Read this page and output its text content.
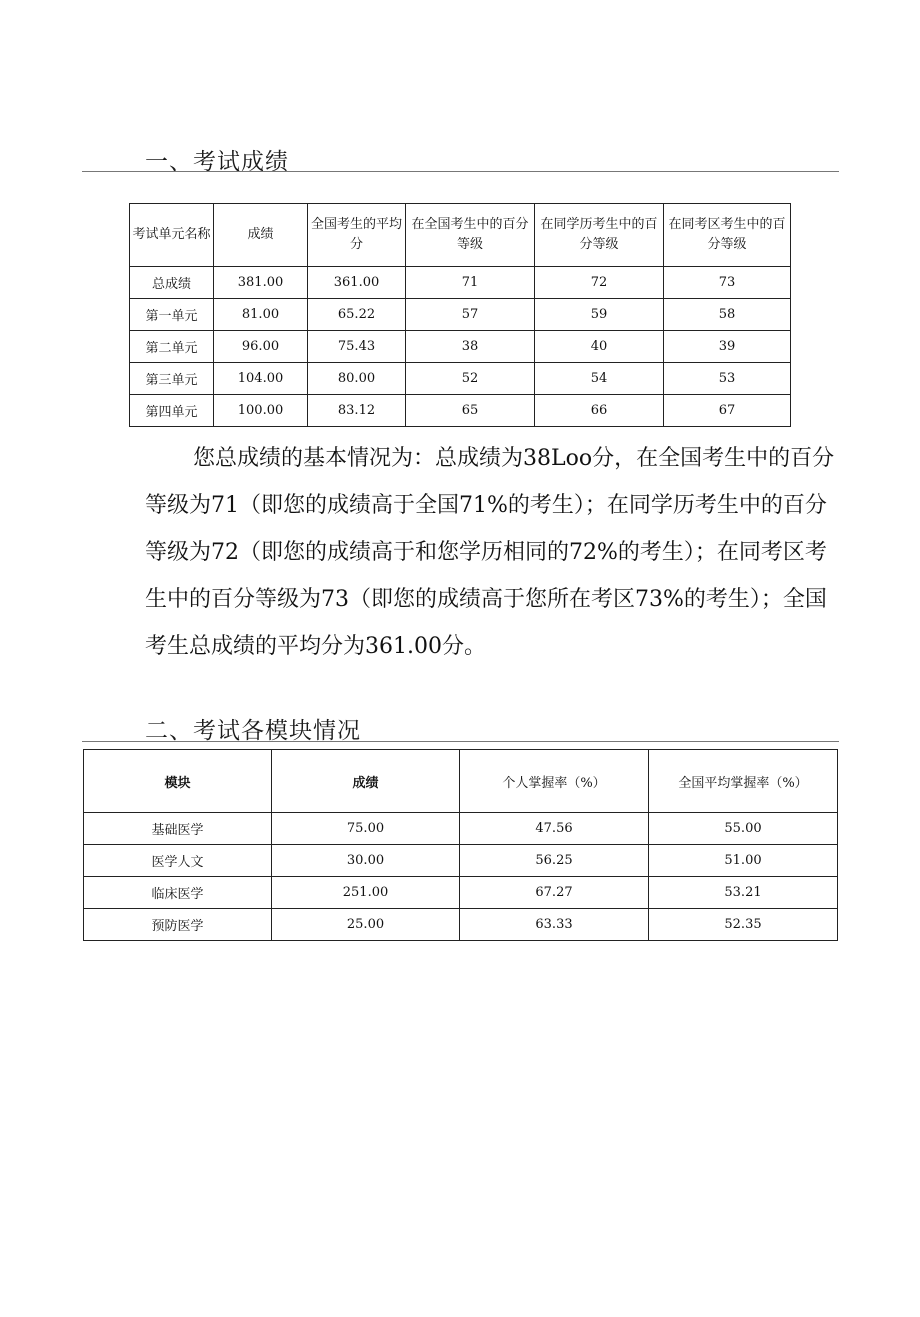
一、考试成绩
考试单元名称	成绩	全国考生的平均分	在全国考生中的百分等级	在同学历考生中的百分等级	在同考区考生中的百分等级
总成绩	381.00	361.00	71	72	73
第一单元	81.00	65.22	57	59	58
第二单元	96.00	75.43	38	40	39
第三单元	104.00	80.00	52	54	53
第四单元	100.00	83.12	65	66	67

您总成绩的基本情况为：总成绩为38Loo分，在全国考生中的百分等级为71（即您的成绩高于全国71%的考生）；在同学历考生中的百分等级为72（即您的成绩高于和您学历相同的72%的考生）；在同考区考生中的百分等级为73（即您的成绩高于您所在考区73%的考生）；全国考生总成绩的平均分为361.00分。

二、考试各模块情况
模块	成绩	个人掌握率（%）	全国平均掌握率（%）
基础医学	75.00	47.56	55.00
医学人文	30.00	56.25	51.00
临床医学	251.00	67.27	53.21
预防医学	25.00	63.33	52.35
